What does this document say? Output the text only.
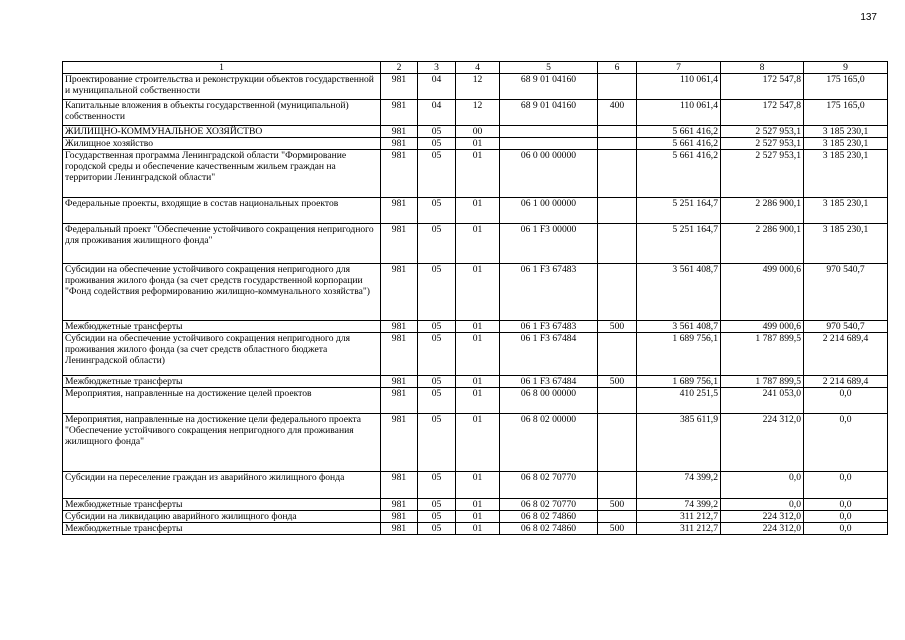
137
1	2	3	4	5	6	7	8	9
Проектирование строительства и реконструкции объектов государственной и муниципальной собственности	981	04	12	68 9 01 04160		110 061,4	172 547,8	175 165,0
Капитальные вложения в объекты государственной (муниципальной) собственности	981	04	12	68 9 01 04160	400	110 061,4	172 547,8	175 165,0
ЖИЛИЩНО-КОММУНАЛЬНОЕ ХОЗЯЙСТВО	981	05	00			5 661 416,2	2 527 953,1	3 185 230,1
Жилищное хозяйство	981	05	01			5 661 416,2	2 527 953,1	3 185 230,1
Государственная программа Ленинградской области "Формирование городской среды и обеспечение качественным жильем граждан на территории Ленинградской области"	981	05	01	06 0 00 00000		5 661 416,2	2 527 953,1	3 185 230,1
Федеральные проекты, входящие в состав национальных проектов	981	05	01	06 1 00 00000		5 251 164,7	2 286 900,1	3 185 230,1
Федеральный проект "Обеспечение устойчивого сокращения непригодного для проживания жилищного фонда"	981	05	01	06 1 F3 00000		5 251 164,7	2 286 900,1	3 185 230,1
Субсидии на обеспечение устойчивого сокращения непригодного для проживания жилого фонда (за счет средств государственной корпорации "Фонд содействия реформированию жилищно-коммунального хозяйства")	981	05	01	06 1 F3 67483		3 561 408,7	499 000,6	970 540,7
Межбюджетные трансферты	981	05	01	06 1 F3 67483	500	3 561 408,7	499 000,6	970 540,7
Субсидии на обеспечение устойчивого сокращения непригодного для проживания жилого фонда (за счет средств областного бюджета Ленинградской области)	981	05	01	06 1 F3 67484		1 689 756,1	1 787 899,5	2 214 689,4
Межбюджетные трансферты	981	05	01	06 1 F3 67484	500	1 689 756,1	1 787 899,5	2 214 689,4
Мероприятия, направленные на достижение целей проектов	981	05	01	06 8 00 00000		410 251,5	241 053,0	0,0
Мероприятия, направленные на достижение цели федерального проекта "Обеспечение устойчивого сокращения непригодного для проживания жилищного фонда"	981	05	01	06 8 02 00000		385 611,9	224 312,0	0,0
Субсидии на переселение граждан из аварийного жилищного фонда	981	05	01	06 8 02 70770		74 399,2	0,0	0,0
Межбюджетные трансферты	981	05	01	06 8 02 70770	500	74 399,2	0,0	0,0
Субсидии на ликвидацию аварийного жилищного фонда	981	05	01	06 8 02 74860		311 212,7	224 312,0	0,0
Межбюджетные трансферты	981	05	01	06 8 02 74860	500	311 212,7	224 312,0	0,0
